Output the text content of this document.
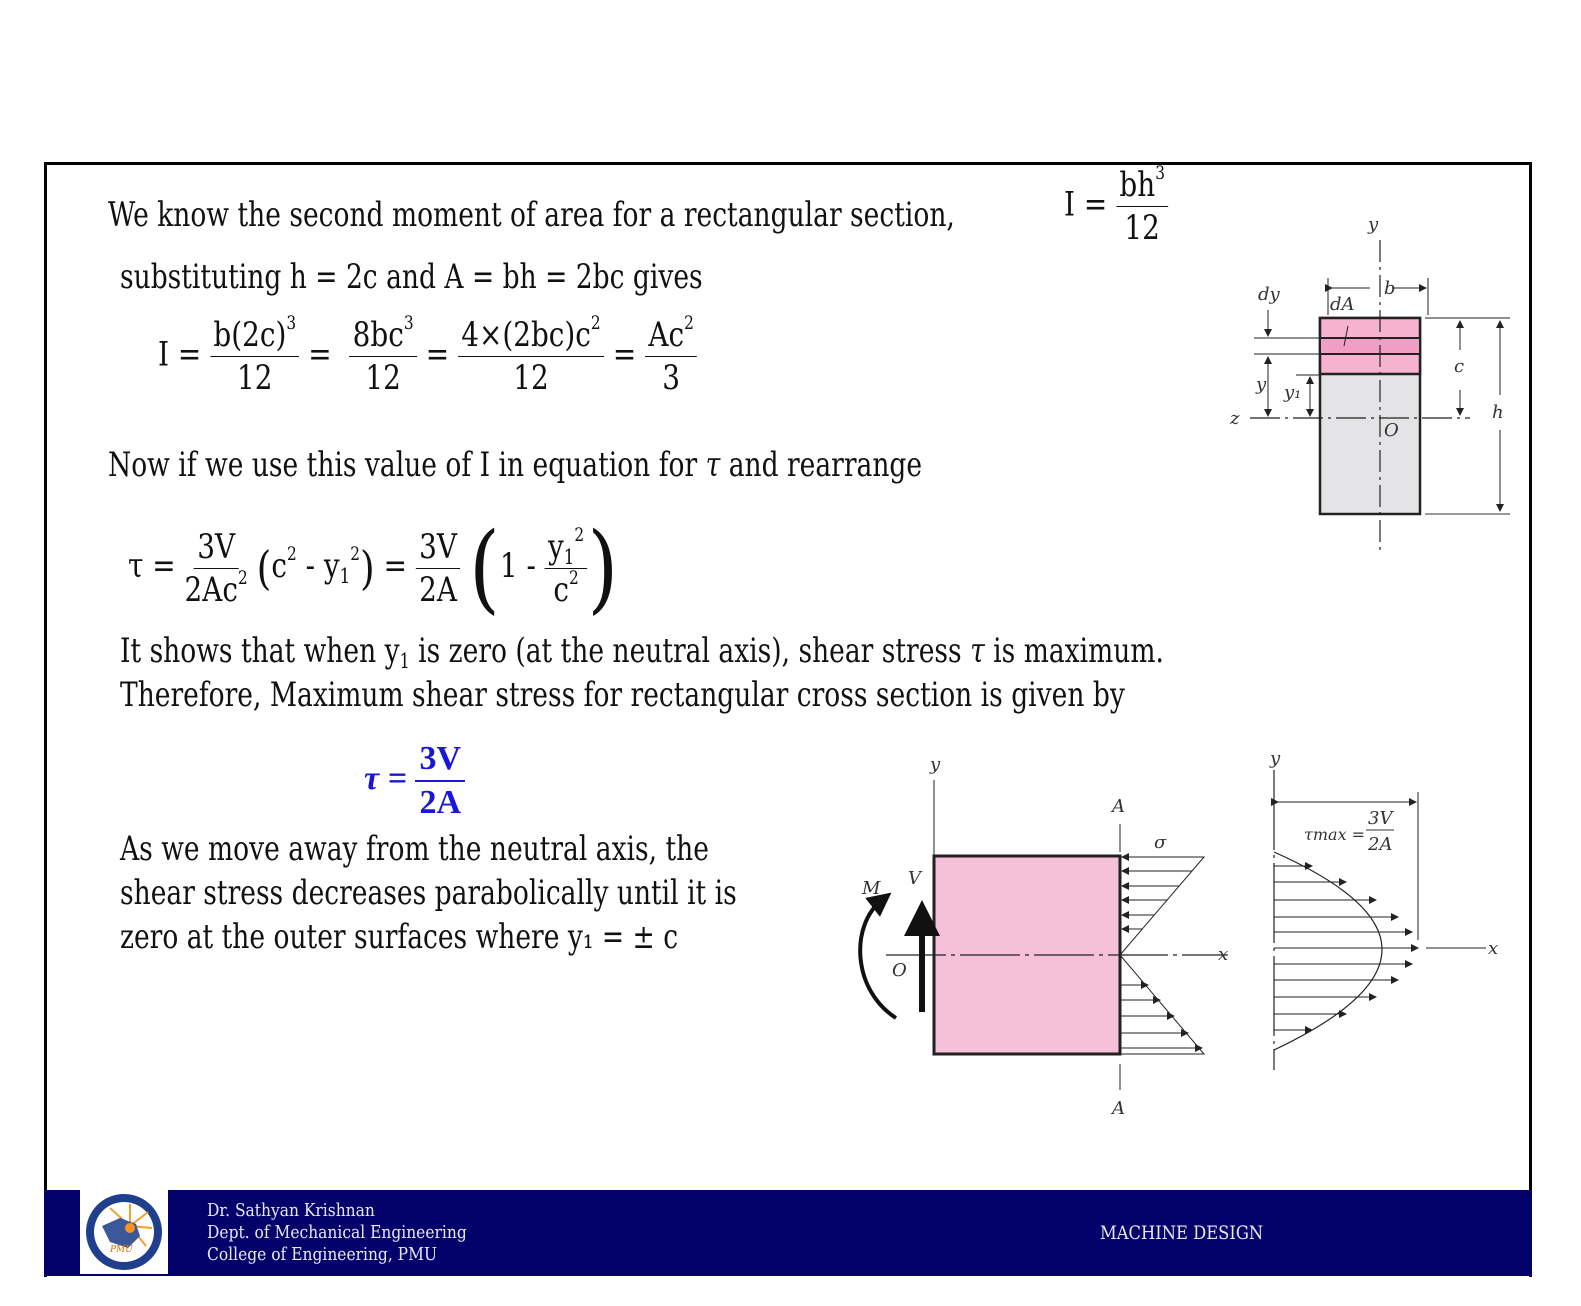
We know the second moment of area for a rectangular section,	$I = \frac{bh^3}{12}$
substituting h = 2c and A = bh = 2bc gives
$I = \frac{b(2c)^3}{12} = \frac{8bc^3}{12} = \frac{4\times(2bc)c^2}{12} = \frac{Ac^2}{3}$
Now if we use this value of I in equation for τ and rearrange
$\tau = \frac{3V}{2Ac^2} (c^2 - y_1^2) = \frac{3V}{2A} (1 - \frac{y_1^2}{c^2}$ )
It shows that when $y_1$ is zero (at the neutral axis), shear stress τ is maximum.
Therefore, Maximum shear stress for rectangular cross section is given by
$\tau = \frac{3V}{2A}$
As we move away from the neutral axis, the
shear stress decreases parabolically until it is
zero at the outer surfaces where y₁ = ± c
y
b
dy	dA
y y₁
z
O
c
h
y
A
A
σ
M V
O
x
y
x
τmax =
3V
2A
PMU
Dr. Sathyan Krishnan
Dept. of Mechanical Engineering
College of Engineering, PMU
MACHINE DESIGN
